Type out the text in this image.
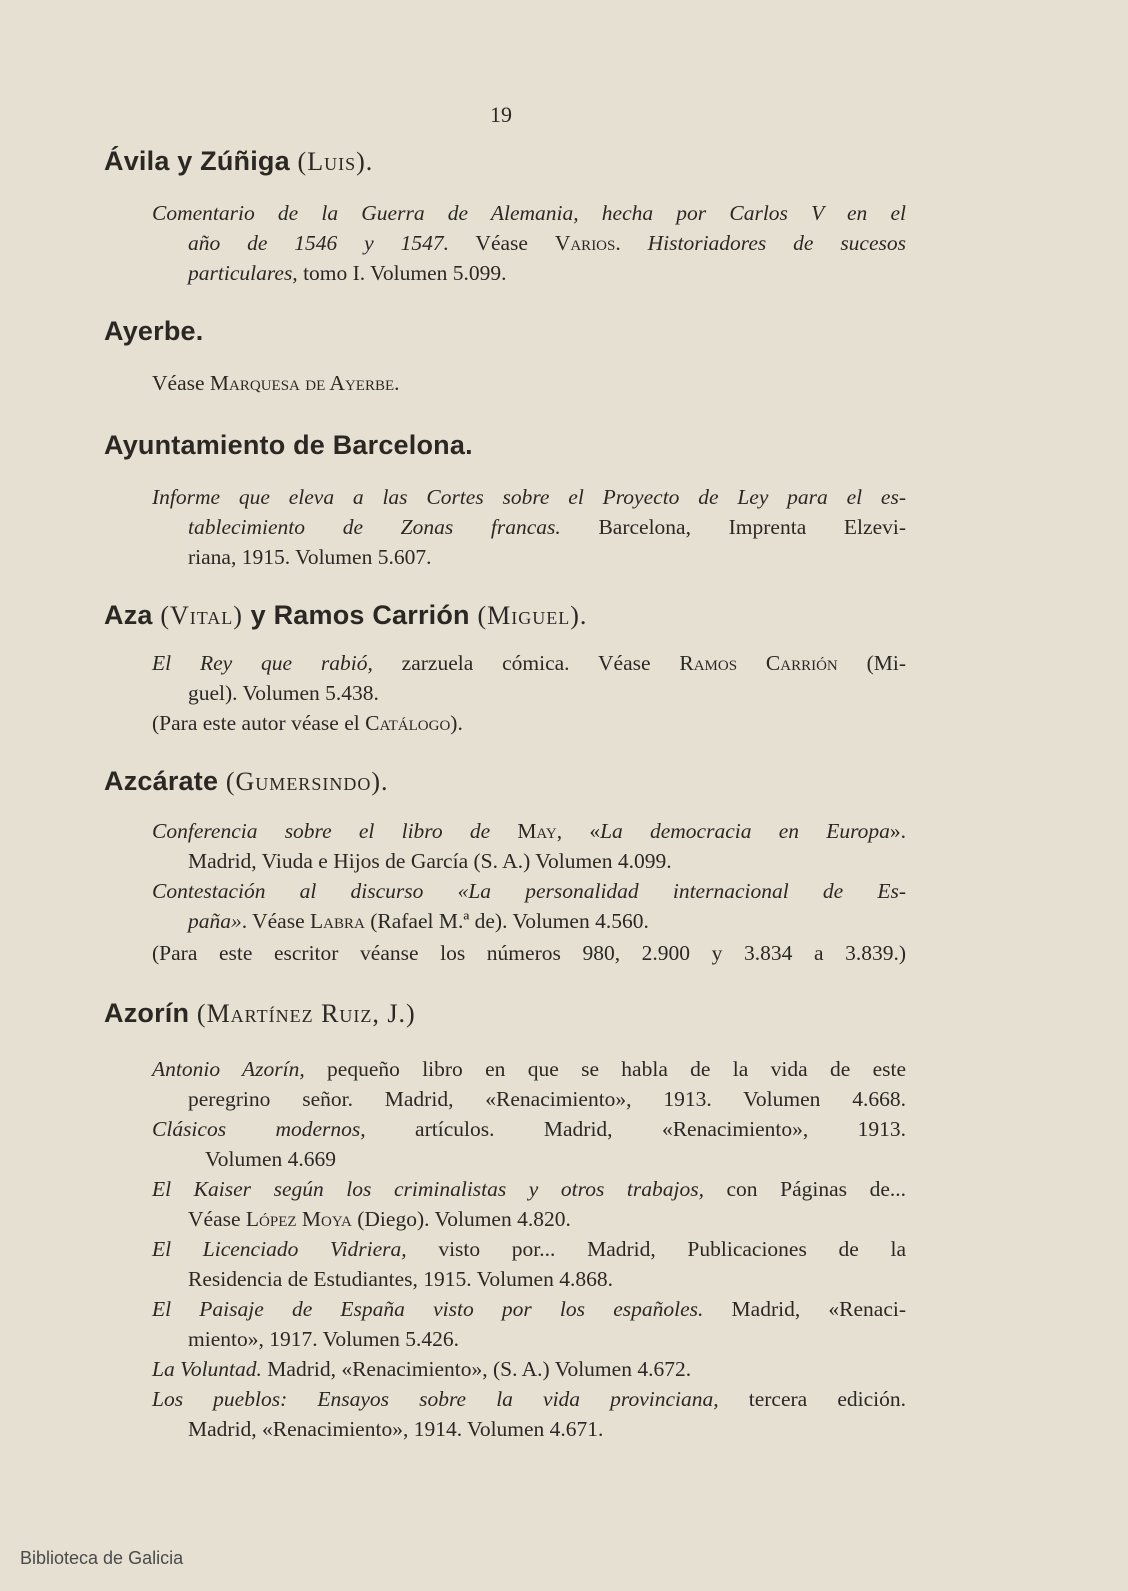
19
Ávila y Zúñiga (Luis).
Comentario de la Guerra de Alemania, hecha por Carlos V en el
año de 1546 y 1547. Véase Varios. Historiadores de sucesos
particulares, tomo I. Volumen 5.099.
Ayerbe.
Véase Marquesa de Ayerbe.
Ayuntamiento de Barcelona.
Informe que eleva a las Cortes sobre el Proyecto de Ley para el es-
tablecimiento de Zonas francas. Barcelona, Imprenta Elzevi-
riana, 1915. Volumen 5.607.
Aza (Vital) y Ramos Carrión (Miguel).
El Rey que rabió, zarzuela cómica. Véase Ramos Carrión (Mi-
guel). Volumen 5.438.
(Para este autor véase el Catálogo).
Azcárate (Gumersindo).
Conferencia sobre el libro de May, «La democracia en Europa».
Madrid, Viuda e Hijos de García (S. A.) Volumen 4.099.
Contestación al discurso «La personalidad internacional de Es-
paña». Véase Labra (Rafael M.ª de). Volumen 4.560.
(Para este escritor véanse los números 980, 2.900 y 3.834 a 3.839.)
Azorín (Martínez Ruiz, J.)
Antonio Azorín, pequeño libro en que se habla de la vida de este
peregrino señor. Madrid, «Renacimiento», 1913. Volumen 4.668.
Clásicos modernos, artículos. Madrid, «Renacimiento», 1913.
Volumen 4.669
El Kaiser según los criminalistas y otros trabajos, con Páginas de...
Véase López Moya (Diego). Volumen 4.820.
El Licenciado Vidriera, visto por... Madrid, Publicaciones de la
Residencia de Estudiantes, 1915. Volumen 4.868.
El Paisaje de España visto por los españoles. Madrid, «Renaci-
miento», 1917. Volumen 5.426.
La Voluntad. Madrid, «Renacimiento», (S. A.) Volumen 4.672.
Los pueblos: Ensayos sobre la vida provinciana, tercera edición.
Madrid, «Renacimiento», 1914. Volumen 4.671.
Biblioteca de Galicia
